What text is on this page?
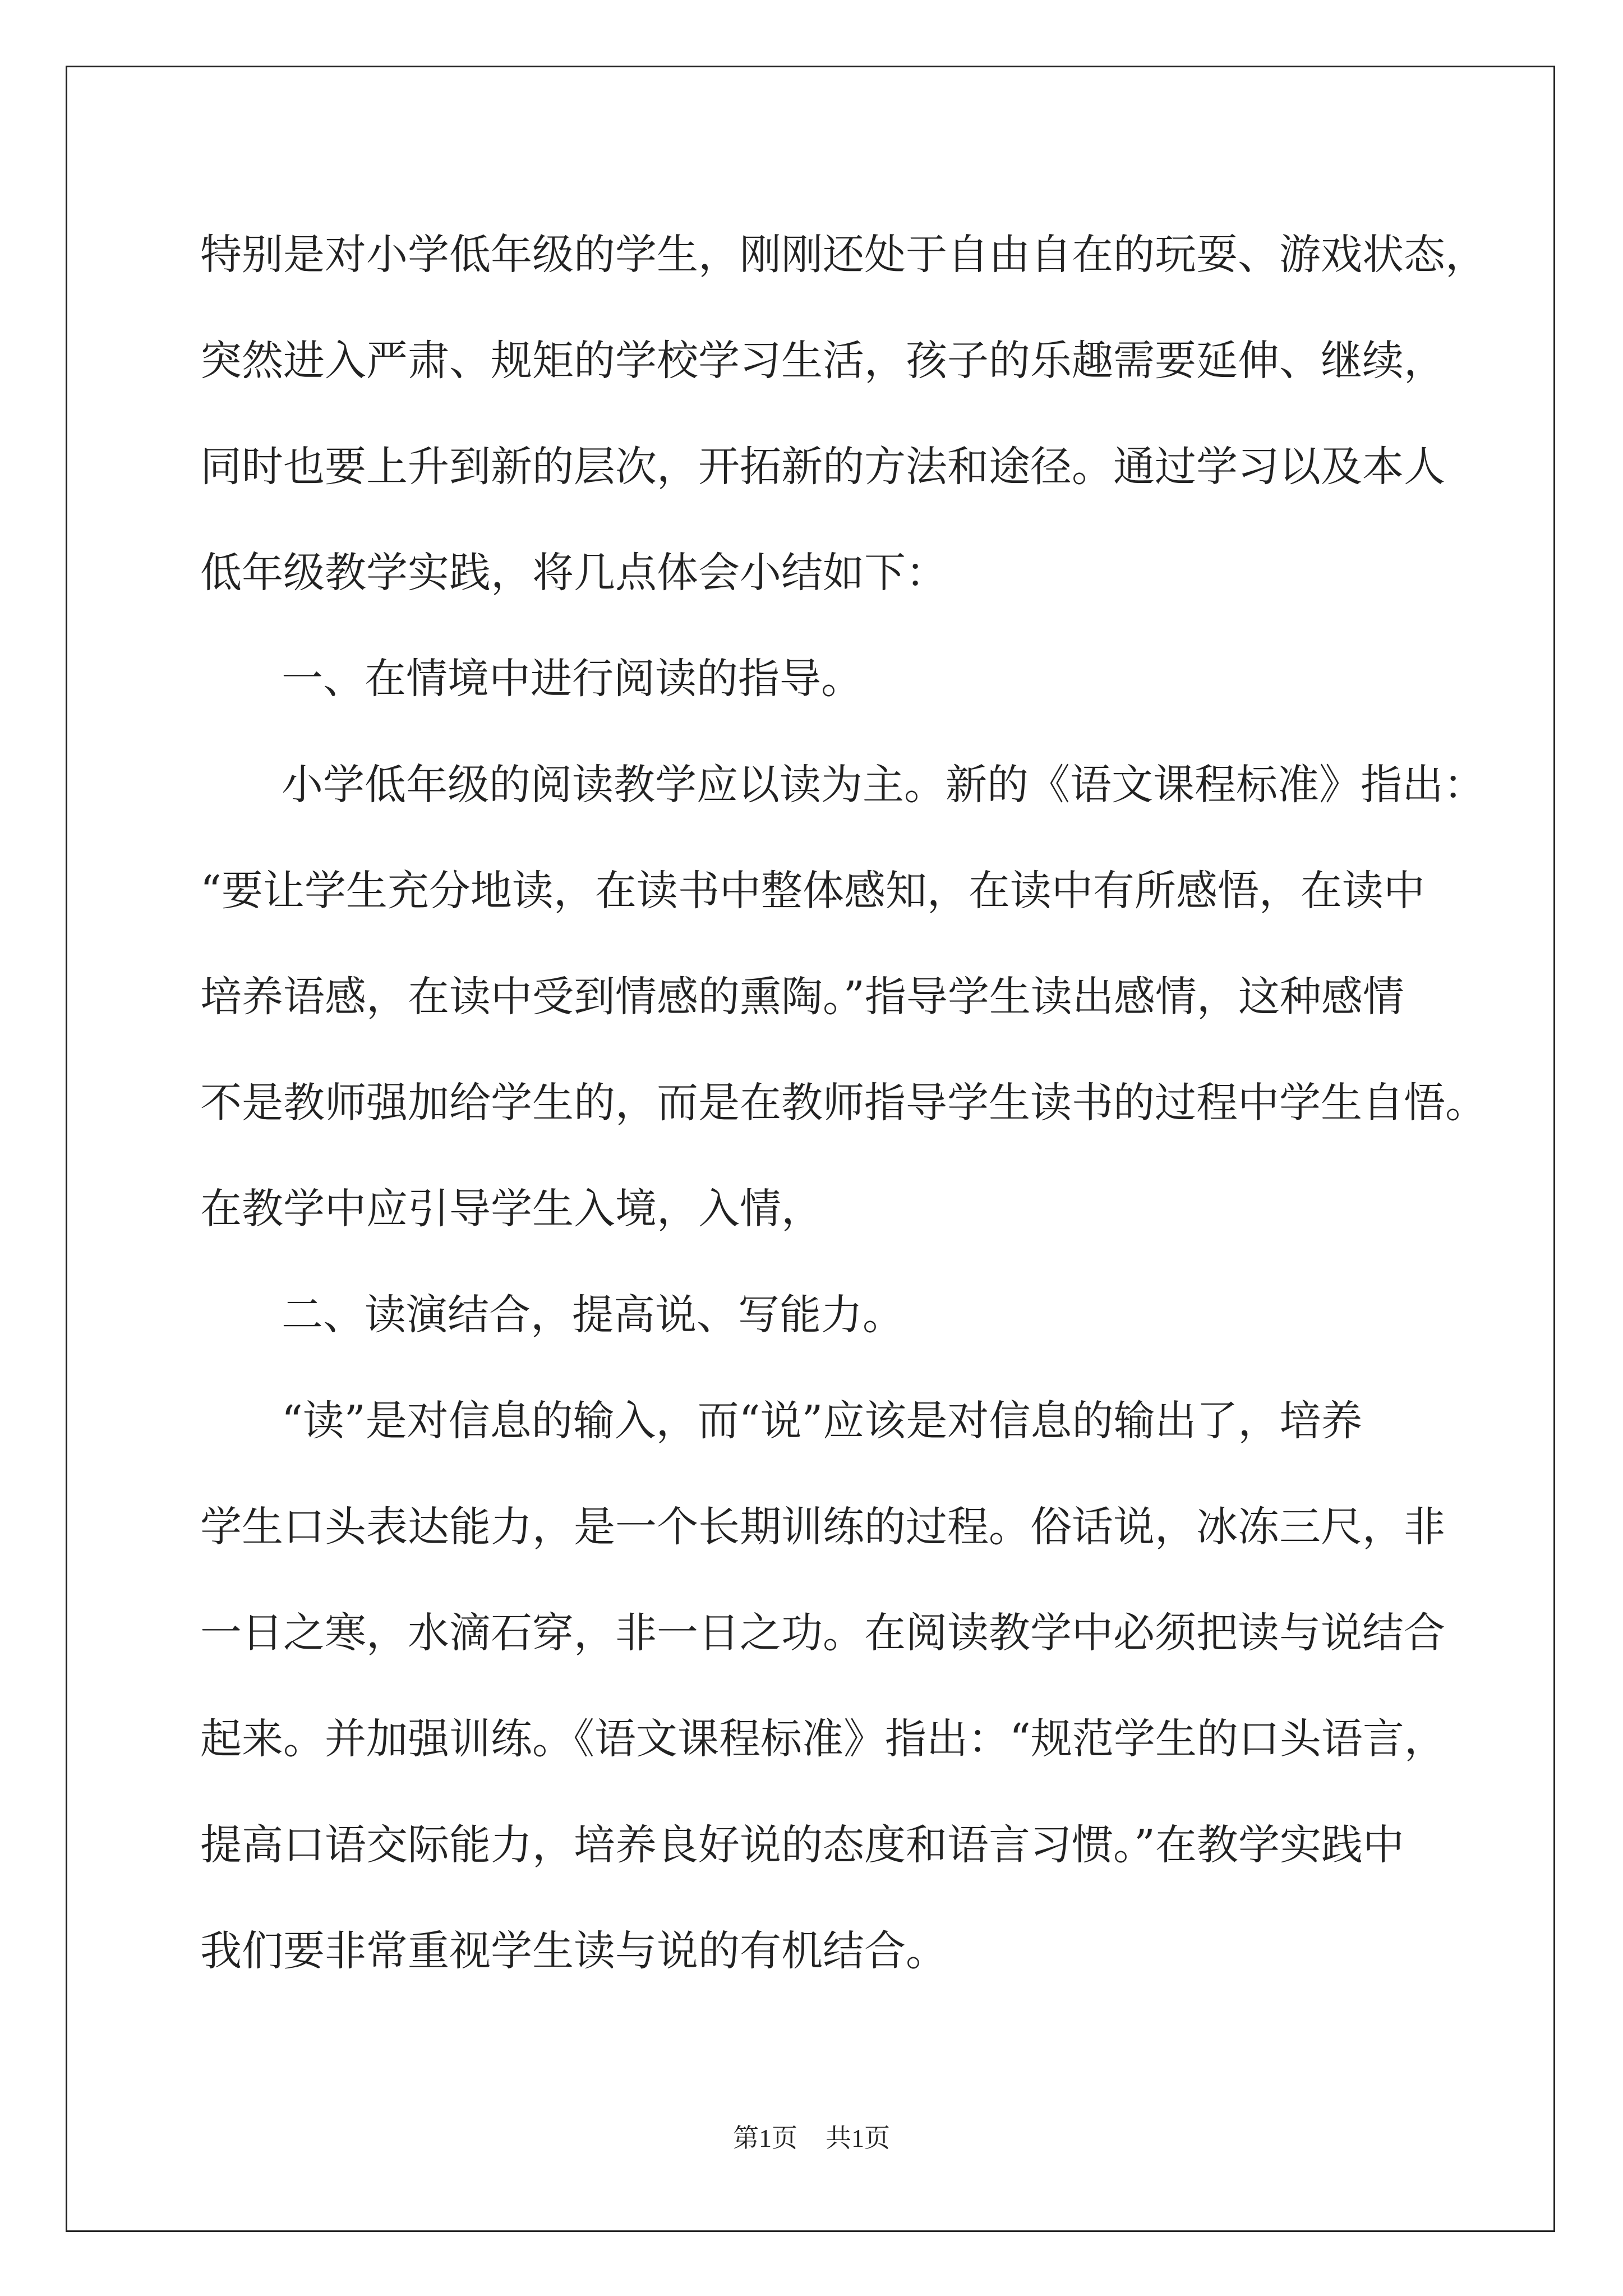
特别是对小学低年级的学生，刚刚还处于自由自在的玩耍、游戏状态，
突然进入严肃、规矩的学校学习生活，孩子的乐趣需要延伸、继续，
同时也要上升到新的层次，开拓新的方法和途径。通过学习以及本人
低年级教学实践，将几点体会小结如下：
一、在情境中进行阅读的指导。
小学低年级的阅读教学应以读为主。新的《语文课程标准》指出：
“要让学生充分地读，在读书中整体感知，在读中有所感悟，在读中
培养语感，在读中受到情感的熏陶。”指导学生读出感情，这种感情
不是教师强加给学生的，而是在教师指导学生读书的过程中学生自悟。
在教学中应引导学生入境，入情，
二、读演结合，提高说、写能力。
“读”是对信息的输入，而“说”应该是对信息的输出了，培养
学生口头表达能力，是一个长期训练的过程。俗话说，冰冻三尺，非
一日之寒，水滴石穿，非一日之功。在阅读教学中必须把读与说结合
起来。并加强训练。《语文课程标准》指出：“规范学生的口头语言，
提高口语交际能力，培养良好说的态度和语言习惯。”在教学实践中
我们要非常重视学生读与说的有机结合。
第1页 共1页
